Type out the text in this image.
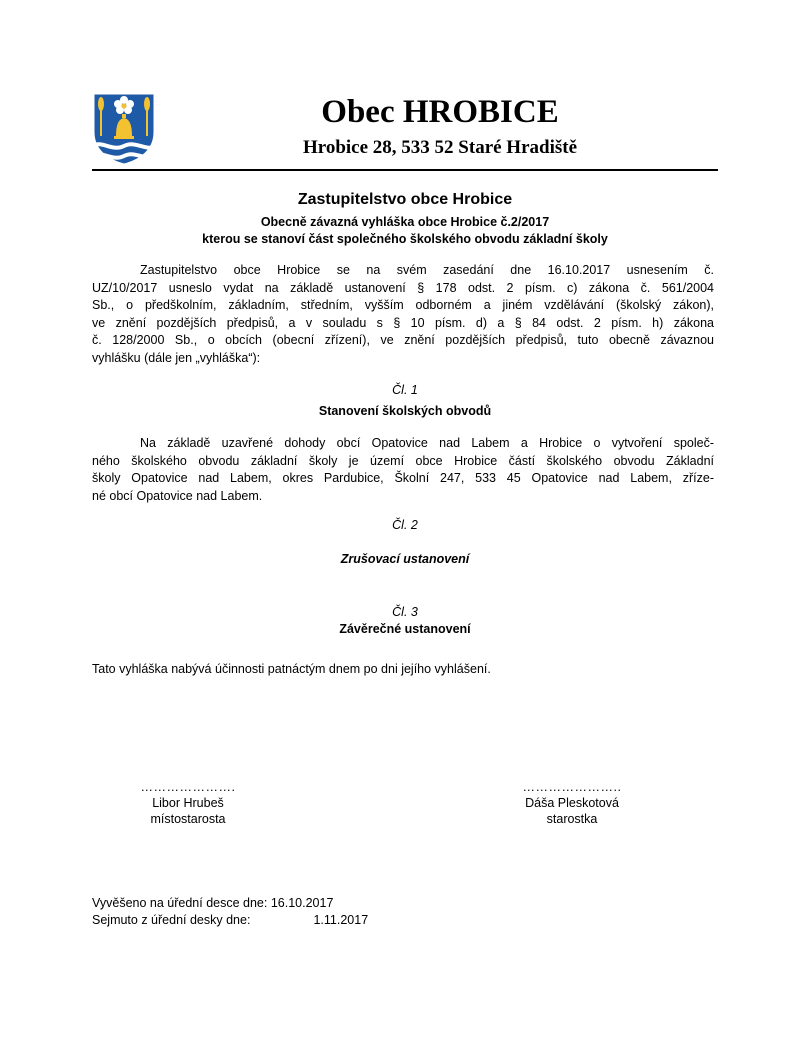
Obec HROBICE
Hrobice 28, 533 52 Staré Hradiště
Zastupitelstvo obce Hrobice
Obecně závazná vyhláška obce Hrobice č.2/2017
kterou se stanoví část společného školského obvodu základní školy
Zastupitelstvo obce Hrobice se na svém zasedání dne 16.10.2017 usnesením č.
UZ/10/2017 usneslo vydat na základě ustanovení § 178 odst. 2 písm. c) zákona č. 561/2004
Sb., o předškolním, základním, středním, vyšším odborném a jiném vzdělávání (školský zákon),
ve znění pozdějších předpisů, a v souladu s § 10 písm. d) a § 84 odst. 2 písm. h) zákona
č. 128/2000 Sb., o obcích (obecní zřízení), ve znění pozdějších předpisů, tuto obecně závaznou
vyhlášku (dále jen „vyhláška“):
Čl. 1
Stanovení školských obvodů
Na základě uzavřené dohody obcí Opatovice nad Labem a Hrobice o vytvoření společ-
ného školského obvodu základní školy je území obce Hrobice částí školského obvodu Základní
školy Opatovice nad Labem, okres Pardubice, Školní 247, 533 45 Opatovice nad Labem, zříze-
né obcí Opatovice nad Labem.
Čl. 2
Zrušovací ustanovení
Čl. 3
Závěrečné ustanovení
Tato vyhláška nabývá účinnosti patnáctým dnem po dni jejího vyhlášení.
………………….
Libor Hrubeš
místostarosta
…………………..
Dáša Pleskotová
starostka
Vyvěšeno na úřední desce dne: 16.10.2017
Sejmuto z úřední desky dne:	1.11.2017
